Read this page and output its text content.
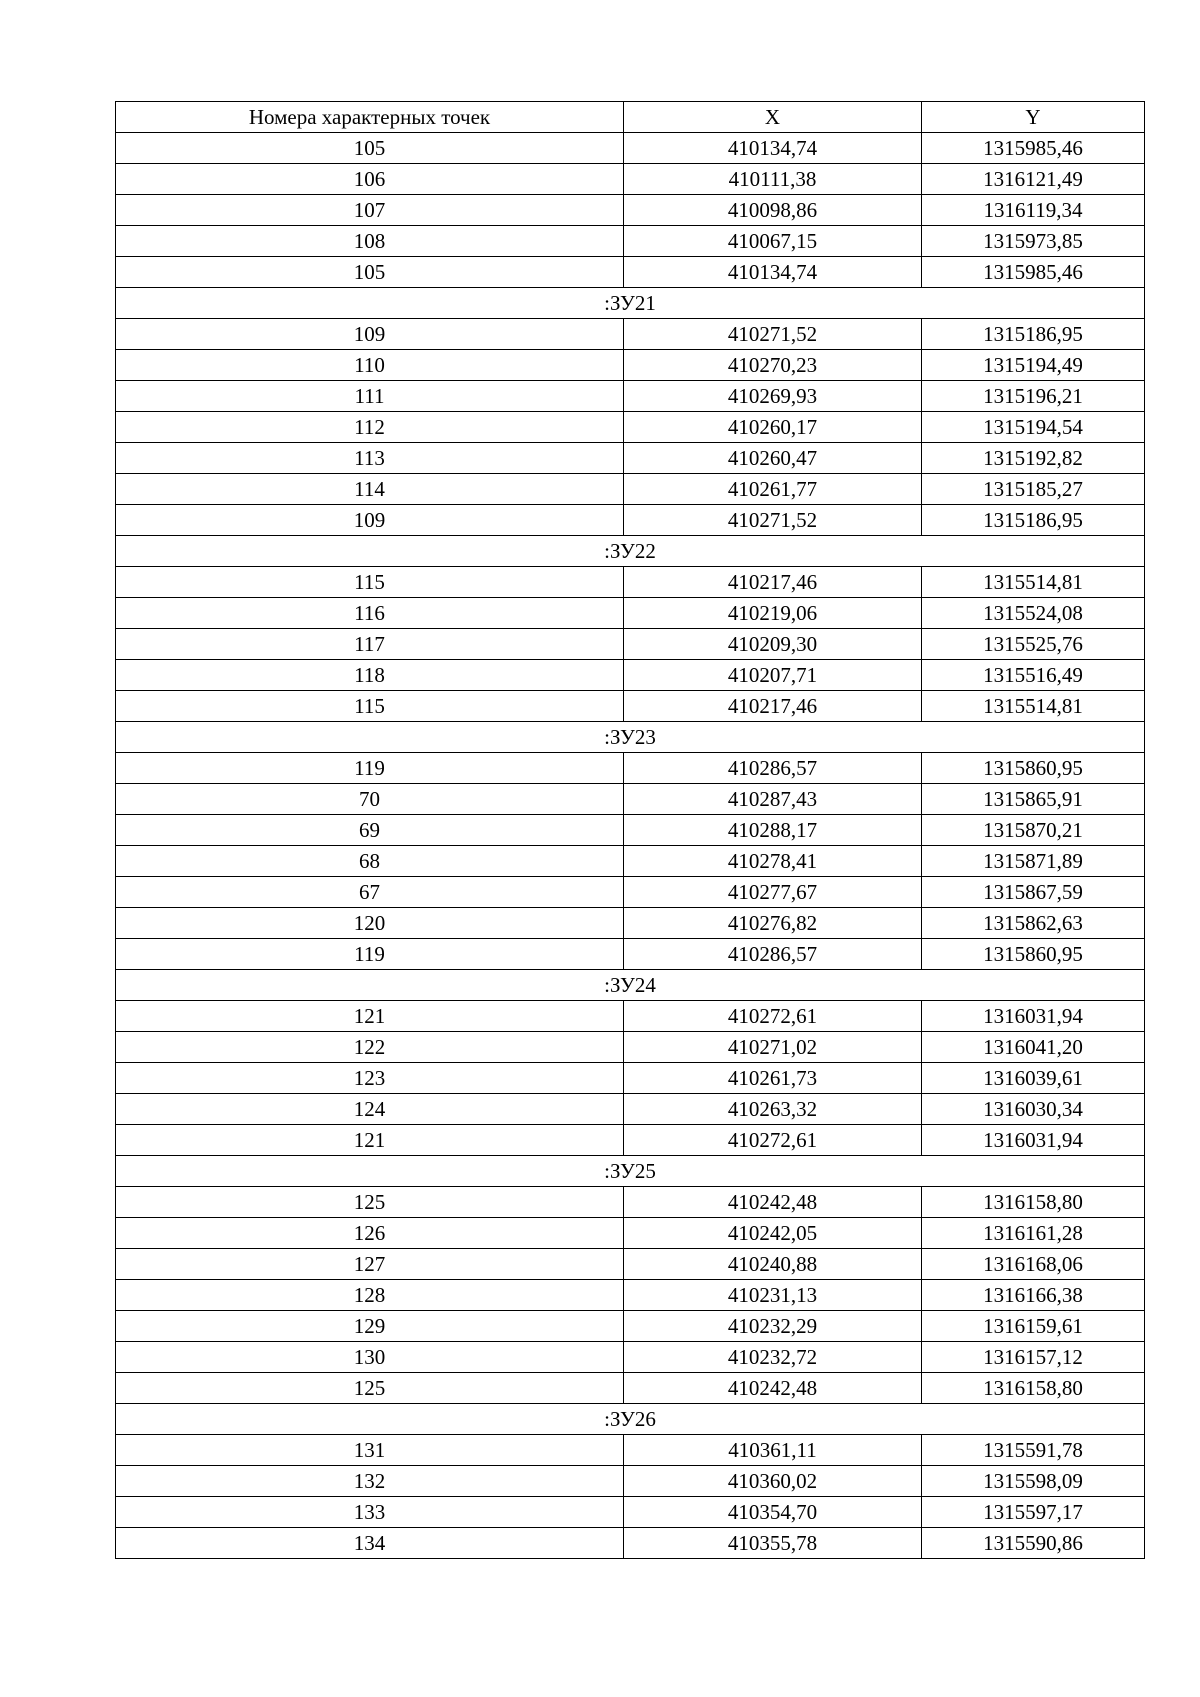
Номера характерных точек	X	Y
105	410134,74	1315985,46
106	410111,38	1316121,49
107	410098,86	1316119,34
108	410067,15	1315973,85
105	410134,74	1315985,46
:ЗУ21		
109	410271,52	1315186,95
110	410270,23	1315194,49
111	410269,93	1315196,21
112	410260,17	1315194,54
113	410260,47	1315192,82
114	410261,77	1315185,27
109	410271,52	1315186,95
:ЗУ22		
115	410217,46	1315514,81
116	410219,06	1315524,08
117	410209,30	1315525,76
118	410207,71	1315516,49
115	410217,46	1315514,81
:ЗУ23		
119	410286,57	1315860,95
70	410287,43	1315865,91
69	410288,17	1315870,21
68	410278,41	1315871,89
67	410277,67	1315867,59
120	410276,82	1315862,63
119	410286,57	1315860,95
:ЗУ24		
121	410272,61	1316031,94
122	410271,02	1316041,20
123	410261,73	1316039,61
124	410263,32	1316030,34
121	410272,61	1316031,94
:ЗУ25		
125	410242,48	1316158,80
126	410242,05	1316161,28
127	410240,88	1316168,06
128	410231,13	1316166,38
129	410232,29	1316159,61
130	410232,72	1316157,12
125	410242,48	1316158,80
:ЗУ26		
131	410361,11	1315591,78
132	410360,02	1315598,09
133	410354,70	1315597,17
134	410355,78	1315590,86
